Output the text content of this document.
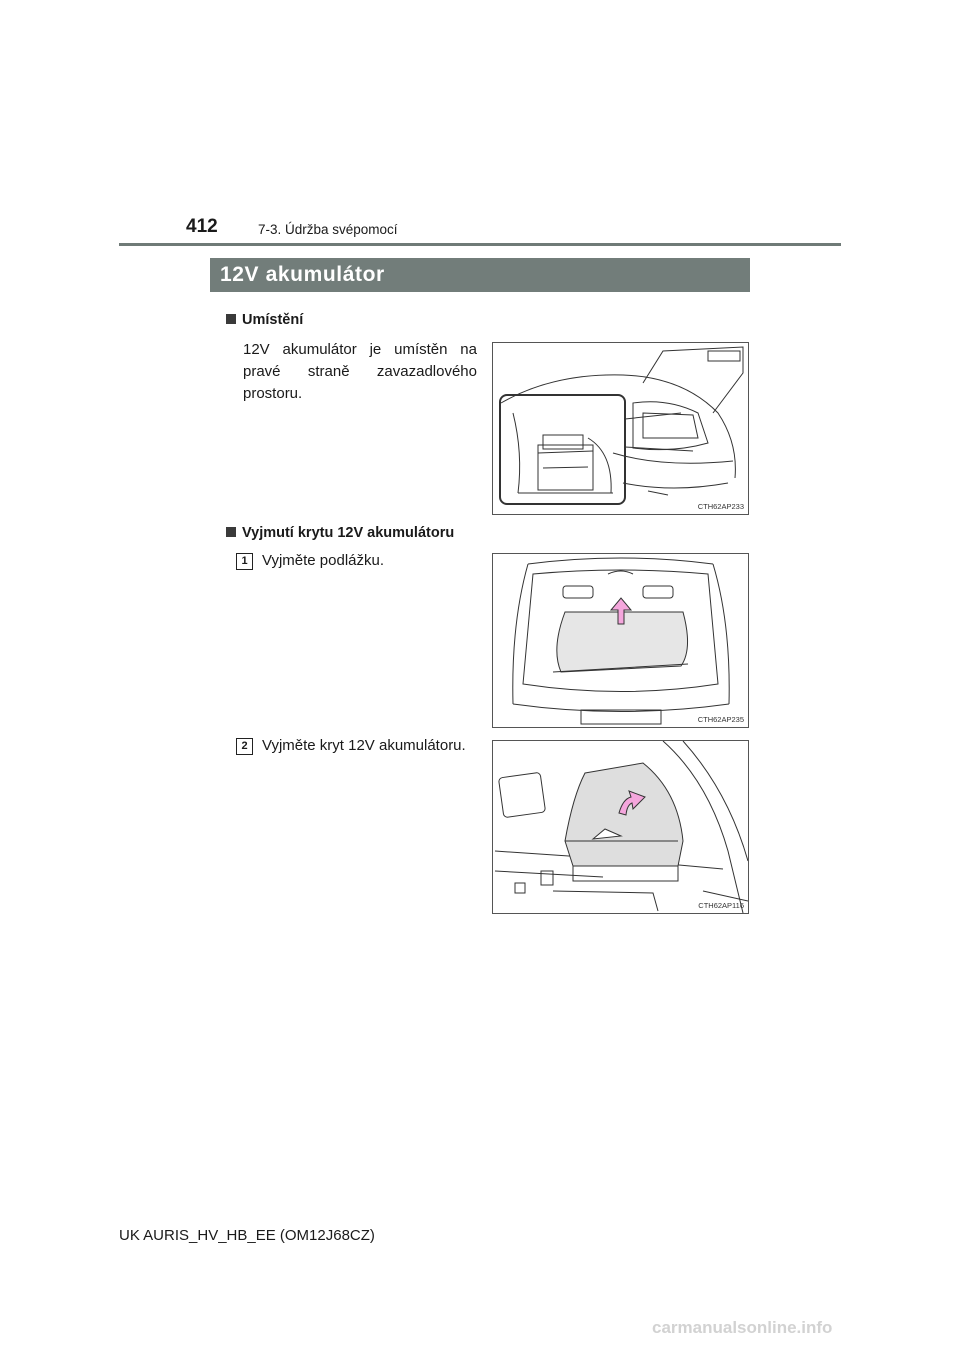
412	7-3. Údržba svépomocí
12V akumulátor
Umístění
12V akumulátor je umístěn na pravé straně zavazadlového prostoru.
CTH62AP233
Vyjmutí krytu 12V akumulátoru
1 Vyjměte podlážku.
CTH62AP235
2 Vyjměte kryt 12V akumulátoru.
CTH62AP116
UK AURIS_HV_HB_EE (OM12J68CZ)
carmanualsonline.info
